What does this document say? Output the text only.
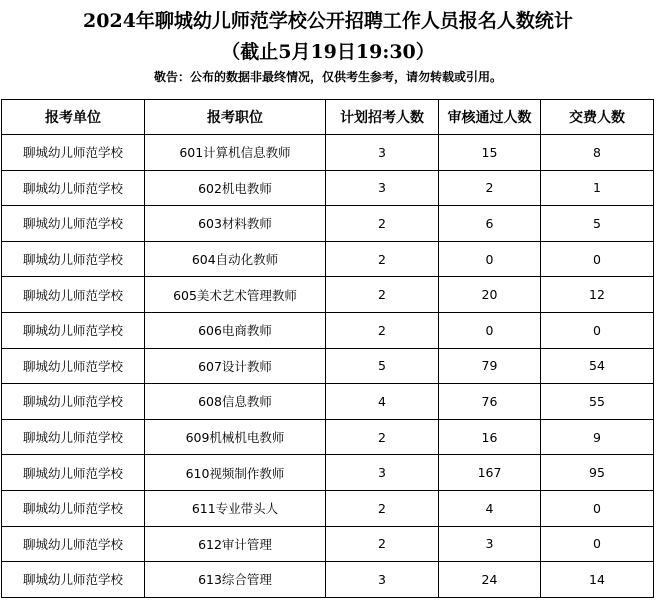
2024年聊城幼儿师范学校公开招聘工作人员报名人数统计
（截止5月19日19:30）
敬告：公布的数据非最终情况，仅供考生参考，请勿转载或引用。
报考单位	报考职位	计划招考人数	审核通过人数	交费人数
聊城幼儿师范学校	601计算机信息教师	3	15	8
聊城幼儿师范学校	602机电教师	3	2	1
聊城幼儿师范学校	603材料教师	2	6	5
聊城幼儿师范学校	604自动化教师	2	0	0
聊城幼儿师范学校	605美术艺术管理教师	2	20	12
聊城幼儿师范学校	606电商教师	2	0	0
聊城幼儿师范学校	607设计教师	5	79	54
聊城幼儿师范学校	608信息教师	4	76	55
聊城幼儿师范学校	609机械机电教师	2	16	9
聊城幼儿师范学校	610视频制作教师	3	167	95
聊城幼儿师范学校	611专业带头人	2	4	0
聊城幼儿师范学校	612审计管理	2	3	0
聊城幼儿师范学校	613综合管理	3	24	14
